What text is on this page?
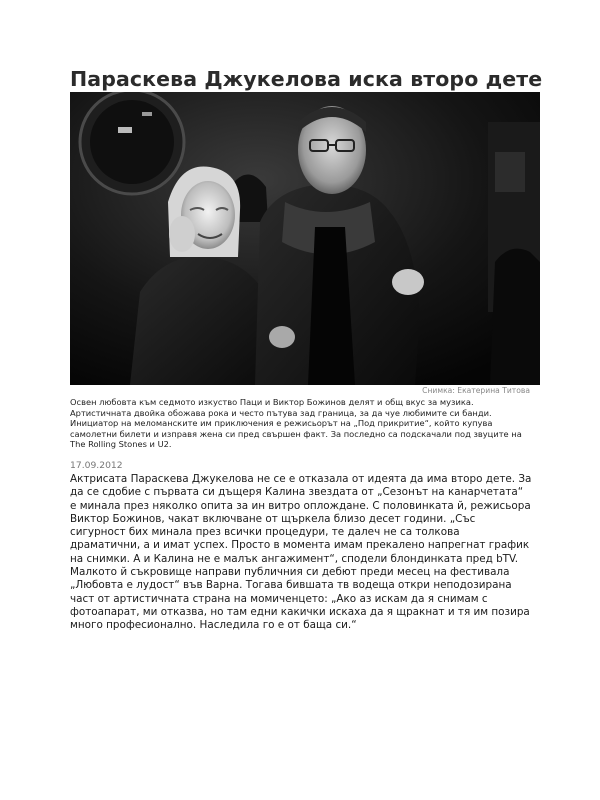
Параскева Джукелова иска второ дете
Снимка: Екатерина Титова
Освен любовта към седмото изкуство Паци и Виктор Божинов делят и общ вкус за музика. Артистичната двойка обожава рока и често пътува зад граница, за да чуе любимите си банди. Инициатор на меломанските им приключения е режисьорът на „Под прикритие“, който купува самолетни билети и изправя жена си пред свършен факт. За последно са подскачали под звуците на The Rolling Stones и U2.
17.09.2012
Актрисата Параскева Джукелова не се е отказала от идеята да има второ дете. За да се сдобие с първата си дъщеря Калина звездата от „Сезонът на канарчетата“ е минала през няколко опита за ин витро оплождане. С половинката й, режисьора Виктор Божинов, чакат включване от щъркела близо десет години. „Със сигурност бих минала през всички процедури, те далеч не са толкова драматични, а и имат успех. Просто в момента имам прекалено напрегнат график на снимки. А и Калина не е малък ангажимент“, сподели блондинката пред bTV. Малкото й съкровище направи публичния си дебют преди месец на фестивала „Любовта е лудост“ във Варна. Тогава бившата тв водеща откри неподозирана част от артистичната страна на момиченцето: „Ако аз искам да я снимам с фотоапарат, ми отказва, но там едни какички искаха да я щракнат и тя им позира много професионално. Наследила го е от баща си.“
